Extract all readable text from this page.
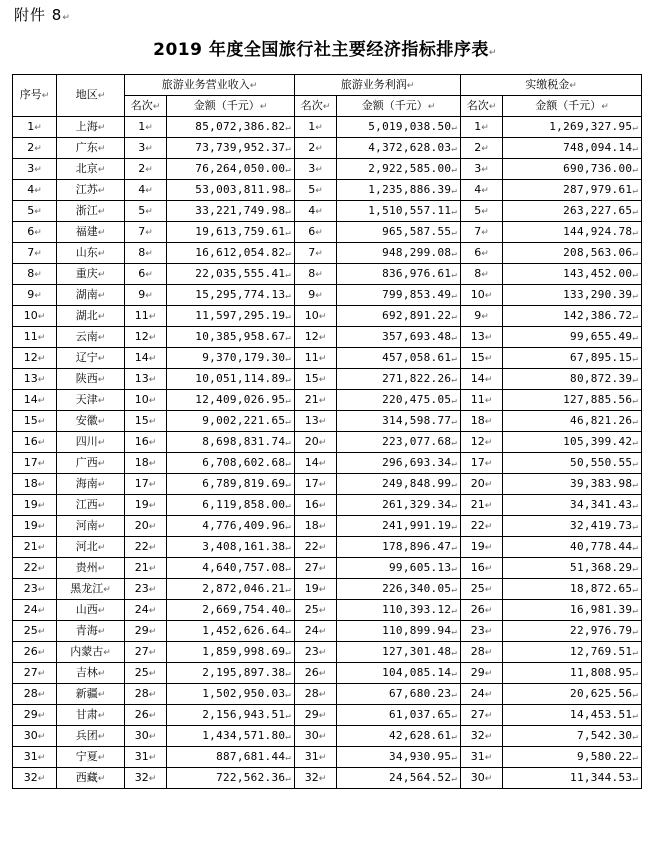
附件 8↵
2019 年度全国旅行社主要经济指标排序表↵
序号↵	地区↵	旅游业务营业收入↵		旅游业务利润↵		实缴税金↵	
		名次↵	金额（千元）↵	名次↵	金额（千元）↵	名次↵	金额（千元）↵
1↵	上海↵	1↵	85,072,386.82↵	1↵	5,019,038.50↵	1↵	1,269,327.95↵
2↵	广东↵	3↵	73,739,952.37↵	2↵	4,372,628.03↵	2↵	748,094.14↵
3↵	北京↵	2↵	76,264,050.00↵	3↵	2,922,585.00↵	3↵	690,736.00↵
4↵	江苏↵	4↵	53,003,811.98↵	5↵	1,235,886.39↵	4↵	287,979.61↵
5↵	浙江↵	5↵	33,221,749.98↵	4↵	1,510,557.11↵	5↵	263,227.65↵
6↵	福建↵	7↵	19,613,759.61↵	6↵	965,587.55↵	7↵	144,924.78↵
7↵	山东↵	8↵	16,612,054.82↵	7↵	948,299.08↵	6↵	208,563.06↵
8↵	重庆↵	6↵	22,035,555.41↵	8↵	836,976.61↵	8↵	143,452.00↵
9↵	湖南↵	9↵	15,295,774.13↵	9↵	799,853.49↵	10↵	133,290.39↵
10↵	湖北↵	11↵	11,597,295.19↵	10↵	692,891.22↵	9↵	142,386.72↵
11↵	云南↵	12↵	10,385,958.67↵	12↵	357,693.48↵	13↵	99,655.49↵
12↵	辽宁↵	14↵	9,370,179.30↵	11↵	457,058.61↵	15↵	67,895.15↵
13↵	陕西↵	13↵	10,051,114.89↵	15↵	271,822.26↵	14↵	80,872.39↵
14↵	天津↵	10↵	12,409,026.95↵	21↵	220,475.05↵	11↵	127,885.56↵
15↵	安徽↵	15↵	9,002,221.65↵	13↵	314,598.77↵	18↵	46,821.26↵
16↵	四川↵	16↵	8,698,831.74↵	20↵	223,077.68↵	12↵	105,399.42↵
17↵	广西↵	18↵	6,708,602.68↵	14↵	296,693.34↵	17↵	50,550.55↵
18↵	海南↵	17↵	6,789,819.69↵	17↵	249,848.99↵	20↵	39,383.98↵
19↵	江西↵	19↵	6,119,858.00↵	16↵	261,329.34↵	21↵	34,341.43↵
19↵	河南↵	20↵	4,776,409.96↵	18↵	241,991.19↵	22↵	32,419.73↵
21↵	河北↵	22↵	3,408,161.38↵	22↵	178,896.47↵	19↵	40,778.44↵
22↵	贵州↵	21↵	4,640,757.08↵	27↵	99,605.13↵	16↵	51,368.29↵
23↵	黑龙江↵	23↵	2,872,046.21↵	19↵	226,340.05↵	25↵	18,872.65↵
24↵	山西↵	24↵	2,669,754.40↵	25↵	110,393.12↵	26↵	16,981.39↵
25↵	青海↵	29↵	1,452,626.64↵	24↵	110,899.94↵	23↵	22,976.79↵
26↵	内蒙古↵	27↵	1,859,998.69↵	23↵	127,301.48↵	28↵	12,769.51↵
27↵	吉林↵	25↵	2,195,897.38↵	26↵	104,085.14↵	29↵	11,808.95↵
28↵	新疆↵	28↵	1,502,950.03↵	28↵	67,680.23↵	24↵	20,625.56↵
29↵	甘肃↵	26↵	2,156,943.51↵	29↵	61,037.65↵	27↵	14,453.51↵
30↵	兵团↵	30↵	1,434,571.80↵	30↵	42,628.61↵	32↵	7,542.30↵
31↵	宁夏↵	31↵	887,681.44↵	31↵	34,930.95↵	31↵	9,580.22↵
32↵	西藏↵	32↵	722,562.36↵	32↵	24,564.52↵	30↵	11,344.53↵
